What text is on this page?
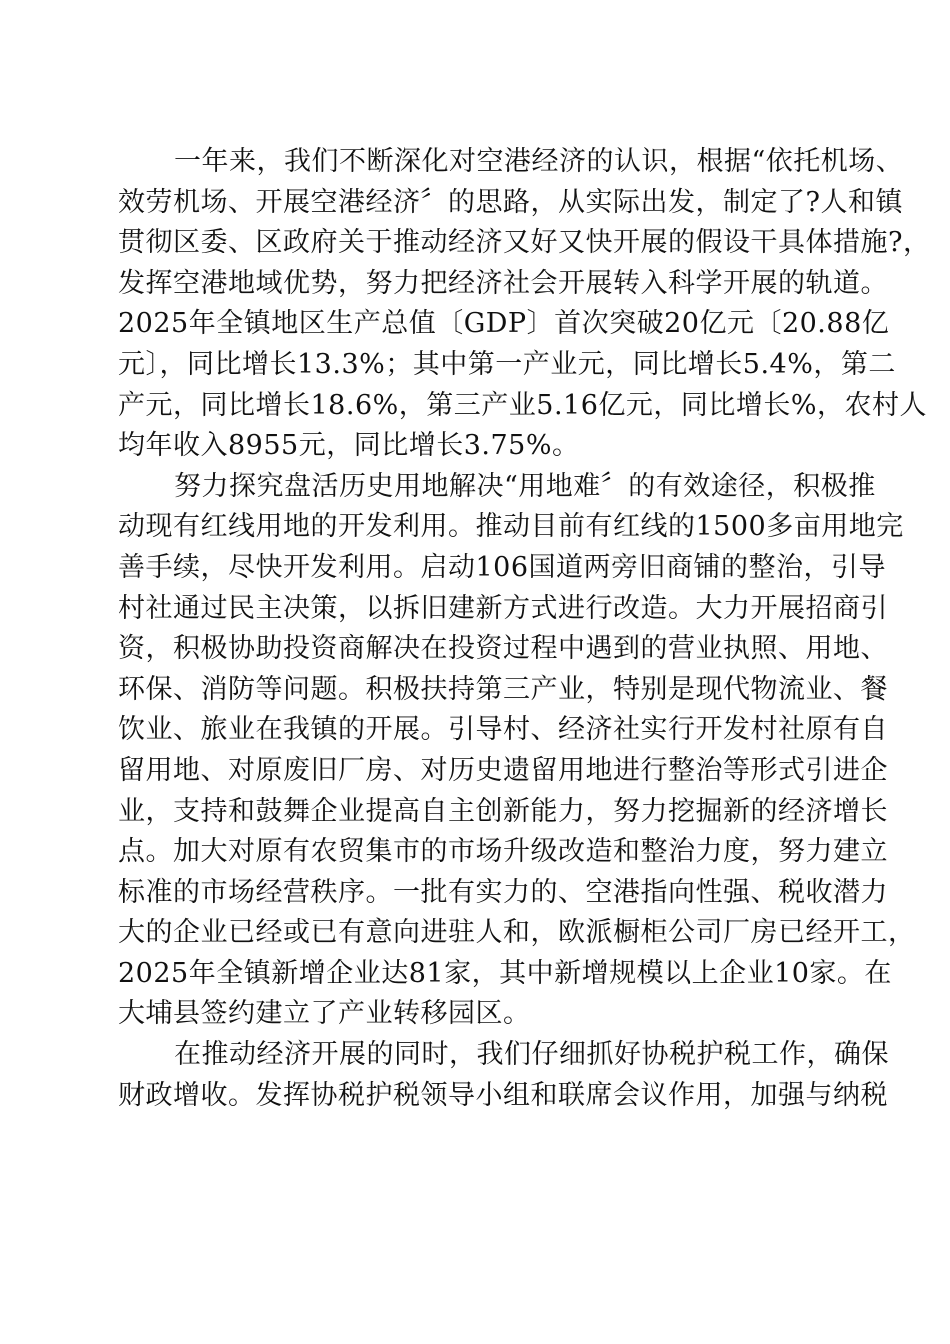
一年来，我们不断深化对空港经济的认识，根据“依托机场、
效劳机场、开展空港经济〞的思路，从实际出发，制定了?人和镇
贯彻区委、区政府关于推动经济又好又快开展的假设干具体措施?，
发挥空港地域优势，努力把经济社会开展转入科学开展的轨道。
2025年全镇地区生产总值〔GDP〕首次突破20亿元〔20.88亿
元〕，同比增长13.3%；其中第一产业元，同比增长5.4%，第二
产元，同比增长18.6%，第三产业5.16亿元，同比增长%，农村人
均年收入8955元，同比增长3.75%。
努力探究盘活历史用地解决“用地难〞的有效途径，积极推
动现有红线用地的开发利用。推动目前有红线的1500多亩用地完
善手续，尽快开发利用。启动106国道两旁旧商铺的整治，引导
村社通过民主决策，以拆旧建新方式进行改造。大力开展招商引
资，积极协助投资商解决在投资过程中遇到的营业执照、用地、
环保、消防等问题。积极扶持第三产业，特别是现代物流业、餐
饮业、旅业在我镇的开展。引导村、经济社实行开发村社原有自
留用地、对原废旧厂房、对历史遗留用地进行整治等形式引进企
业，支持和鼓舞企业提高自主创新能力，努力挖掘新的经济增长
点。加大对原有农贸集市的市场升级改造和整治力度，努力建立
标准的市场经营秩序。一批有实力的、空港指向性强、税收潜力
大的企业已经或已有意向进驻人和，欧派橱柜公司厂房已经开工，
2025年全镇新增企业达81家，其中新增规模以上企业10家。在
大埔县签约建立了产业转移园区。
在推动经济开展的同时，我们仔细抓好协税护税工作，确保
财政增收。发挥协税护税领导小组和联席会议作用，加强与纳税
